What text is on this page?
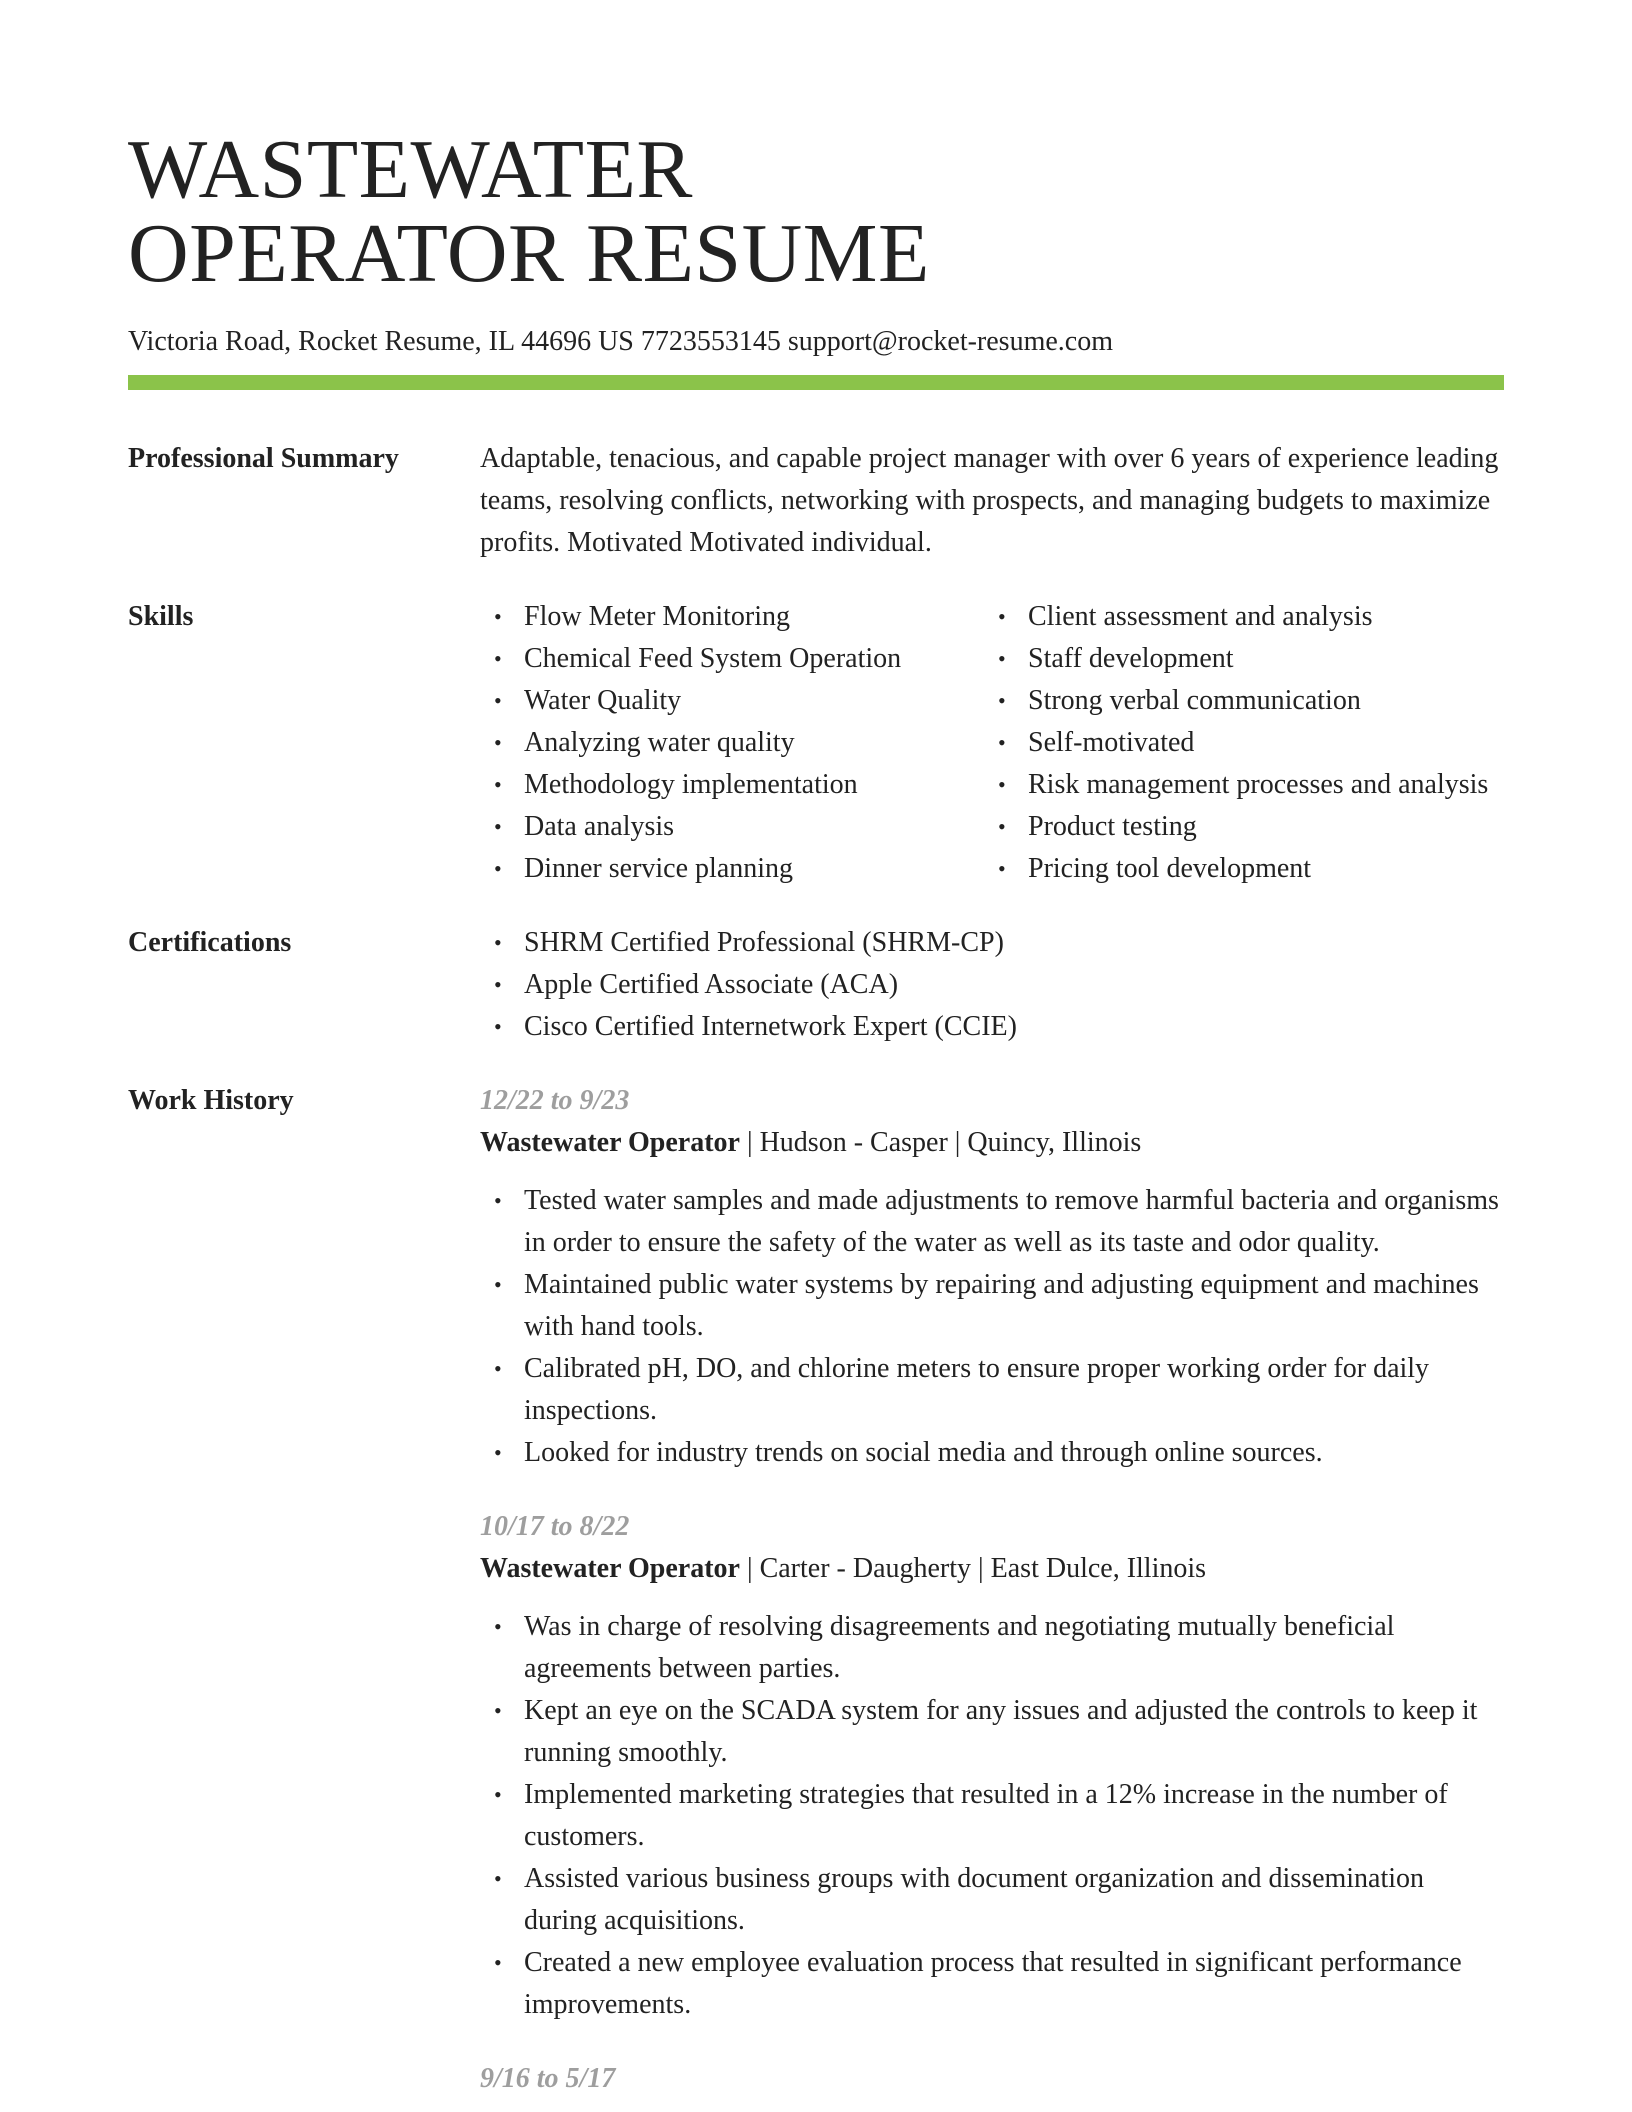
WASTEWATER
OPERATOR RESUME
Victoria Road, Rocket Resume, IL 44696 US 7723553145 support@rocket-resume.com
Professional Summary	Adaptable, tenacious, and capable project manager with over 6 years of experience leading teams, resolving conflicts, networking with prospects, and managing budgets to maximize profits. Motivated Motivated individual.
Skills	• Flow Meter Monitoring
• Chemical Feed System Operation
• Water Quality
• Analyzing water quality
• Methodology implementation
• Data analysis
• Dinner service planning
• Client assessment and analysis
• Staff development
• Strong verbal communication
• Self-motivated
• Risk management processes and analysis
• Product testing
• Pricing tool development
Certifications	• SHRM Certified Professional (SHRM-CP)
• Apple Certified Associate (ACA)
• Cisco Certified Internetwork Expert (CCIE)
Work History	12/22 to 9/23
Wastewater Operator | Hudson - Casper | Quincy, Illinois
• Tested water samples and made adjustments to remove harmful bacteria and organisms in order to ensure the safety of the water as well as its taste and odor quality.
• Maintained public water systems by repairing and adjusting equipment and machines with hand tools.
• Calibrated pH, DO, and chlorine meters to ensure proper working order for daily inspections.
• Looked for industry trends on social media and through online sources.
10/17 to 8/22
Wastewater Operator | Carter - Daugherty | East Dulce, Illinois
• Was in charge of resolving disagreements and negotiating mutually beneficial agreements between parties.
• Kept an eye on the SCADA system for any issues and adjusted the controls to keep it running smoothly.
• Implemented marketing strategies that resulted in a 12% increase in the number of customers.
• Assisted various business groups with document organization and dissemination during acquisitions.
• Created a new employee evaluation process that resulted in significant performance improvements.
9/16 to 5/17
